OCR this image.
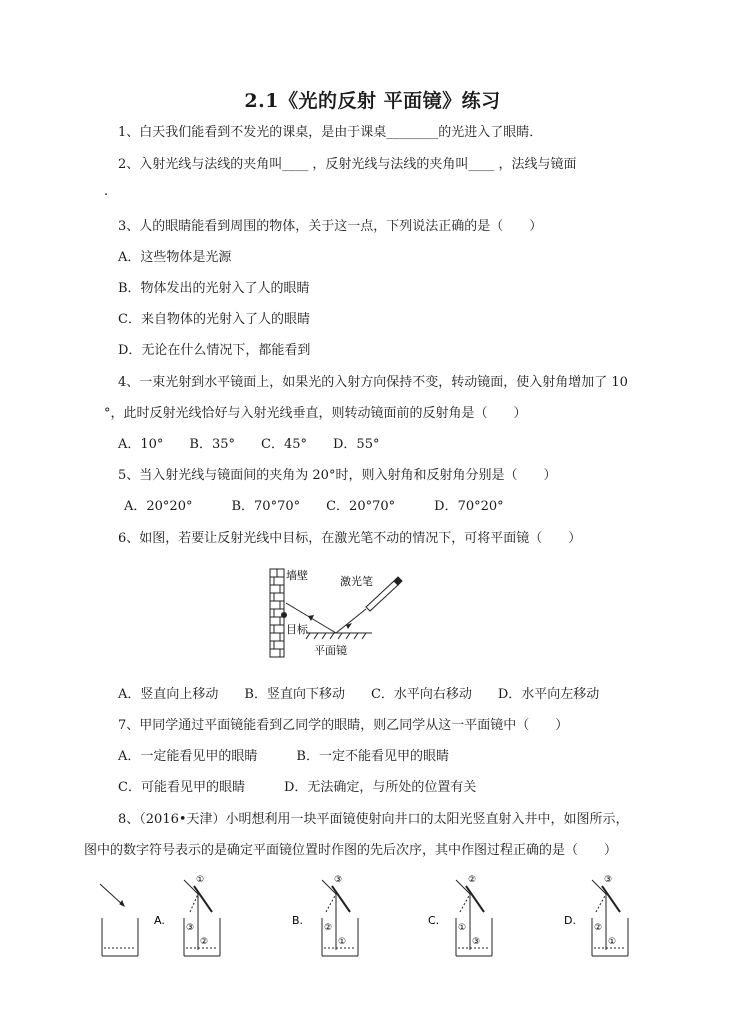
2.1《光的反射 平面镜》练习
1、白天我们能看到不发光的课桌，是由于课桌________的光进入了眼睛．
2、入射光线与法线的夹角叫____ ，反射光线与法线的夹角叫____ ，法线与镜面
.
3、人的眼睛能看到周围的物体，关于这一点，下列说法正确的是（　　）
A．这些物体是光源
B．物体发出的光射入了人的眼睛
C．来自物体的光射入了人的眼睛
D．无论在什么情况下，都能看到
4、一束光射到水平镜面上，如果光的入射方向保持不变，转动镜面，使入射角增加了 10
°，此时反射光线恰好与入射光线垂直，则转动镜面前的反射角是（　　）
A．10°　　B．35°　　C．45°　　D．55°
5、当入射光线与镜面间的夹角为 20°时，则入射角和反射角分别是（　　）
A．20°20°　　　B．70°70°　　C．20°70°　　　D．70°20°
6、如图，若要让反射光线中目标，在激光笔不动的情况下，可将平面镜（　　）
墙壁
目标
平面镜
激光笔
A．竖直向上移动　　B．竖直向下移动　　C．水平向右移动　　D．水平向左移动
7、甲同学通过平面镜能看到乙同学的眼睛，则乙同学从这一平面镜中（　　）
A．一定能看见甲的眼睛　　　B．一定不能看见甲的眼睛
C．可能看见甲的眼睛　　　D．无法确定，与所处的位置有关
8、（2016•天津）小明想利用一块平面镜使射向井口的太阳光竖直射入井中，如图所示，
图中的数字符号表示的是确定平面镜位置时作图的先后次序，其中作图过程正确的是（　　）
A.
①
③
②
B.
③
②
①
C.
②
①
③
D.
③
②
①
